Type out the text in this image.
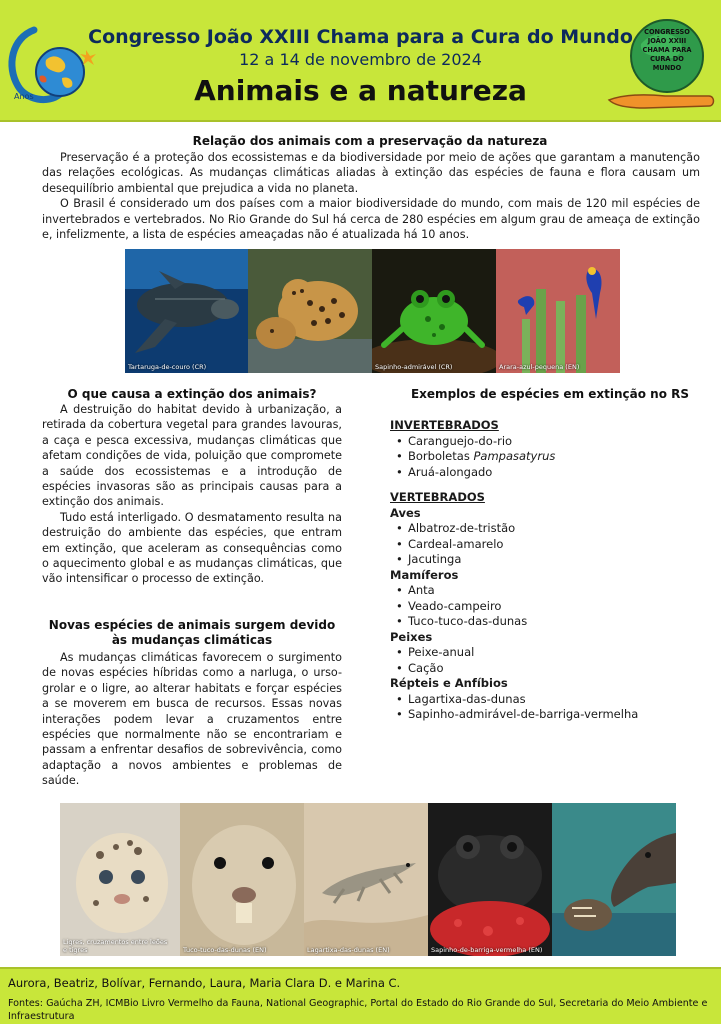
Anos
Congresso João XXIII Chama para a Cura do Mundo
12 a 14 de novembro de 2024
Animais e a natureza
CONGRESSO JOÃO XXIII CHAMA PARA CURA DO MUNDO
Relação dos animais com a preservação da natureza

Preservação é a proteção dos ecossistemas e da biodiversidade por meio de ações que garantam a manutenção das relações ecológicas. As mudanças climáticas aliadas à extinção das espécies de fauna e flora causam um desequilíbrio ambiental que prejudica a vida no planeta.

O Brasil é considerado um dos países com a maior biodiversidade do mundo, com mais de 120 mil espécies de invertebrados e vertebrados. No Rio Grande do Sul há cerca de 280 espécies em algum grau de ameaça de extinção e, infelizmente, a lista de espécies ameaçadas não é atualizada há 10 anos.

Tartaruga-de-couro (CR)	Sapinho-admirável (CR)	Arara-azul-pequena (EN)
O que causa a extinção dos animais?

A destruição do habitat devido à urbanização, a retirada da cobertura vegetal para grandes lavouras, a caça e pesca excessiva, mudanças climáticas que afetam condições de vida, poluição que compromete a saúde dos ecossistemas e a introdução de espécies invasoras são as principais causas para a extinção dos animais.

Tudo está interligado. O desmatamento resulta na destruição do ambiente das espécies, que entram em extinção, que aceleram as consequências como o aquecimento global e as mudanças climáticas, que vão intensificar o processo de extinção.

Novas espécies de animais surgem devido às mudanças climáticas

As mudanças climáticas favorecem o surgimento de novas espécies híbridas como a narluga, o urso-grolar e o ligre, ao alterar habitats e forçar espécies a se moverem em busca de recursos. Essas novas interações podem levar a cruzamentos entre espécies que normalmente não se encontrariam e passam a enfrentar desafios de sobrevivência, como adaptação a novos ambientes e problemas de saúde.

Exemplos de espécies em extinção no RS
INVERTEBRADOS
• Caranguejo-do-rio
• Borboletas Pampasatyrus
• Aruá-alongado
VERTEBRADOS
Aves
• Albatroz-de-tristão
• Cardeal-amarelo
• Jacutinga
Mamíferos
• Anta
• Veado-campeiro
• Tuco-tuco-das-dunas
Peixes
• Peixe-anual
• Cação
Répteis e Anfíbios
• Lagartixa-das-dunas
• Sapinho-admirável-de-barriga-vermelha
Ligres, cruzamentos entre leões e tigres	Tuco-tuco-das-dunas (EN)	Lagartixa-das-dunas (EN)	Sapinho-de-barriga-vermelha (EN)
Aurora, Beatriz, Bolívar, Fernando, Laura, Maria Clara D. e Marina C.
Fontes: Gaúcha ZH, ICMBio Livro Vermelho da Fauna, National Geographic, Portal do Estado do Rio Grande do Sul, Secretaria do Meio Ambiente e Infraestrutura
